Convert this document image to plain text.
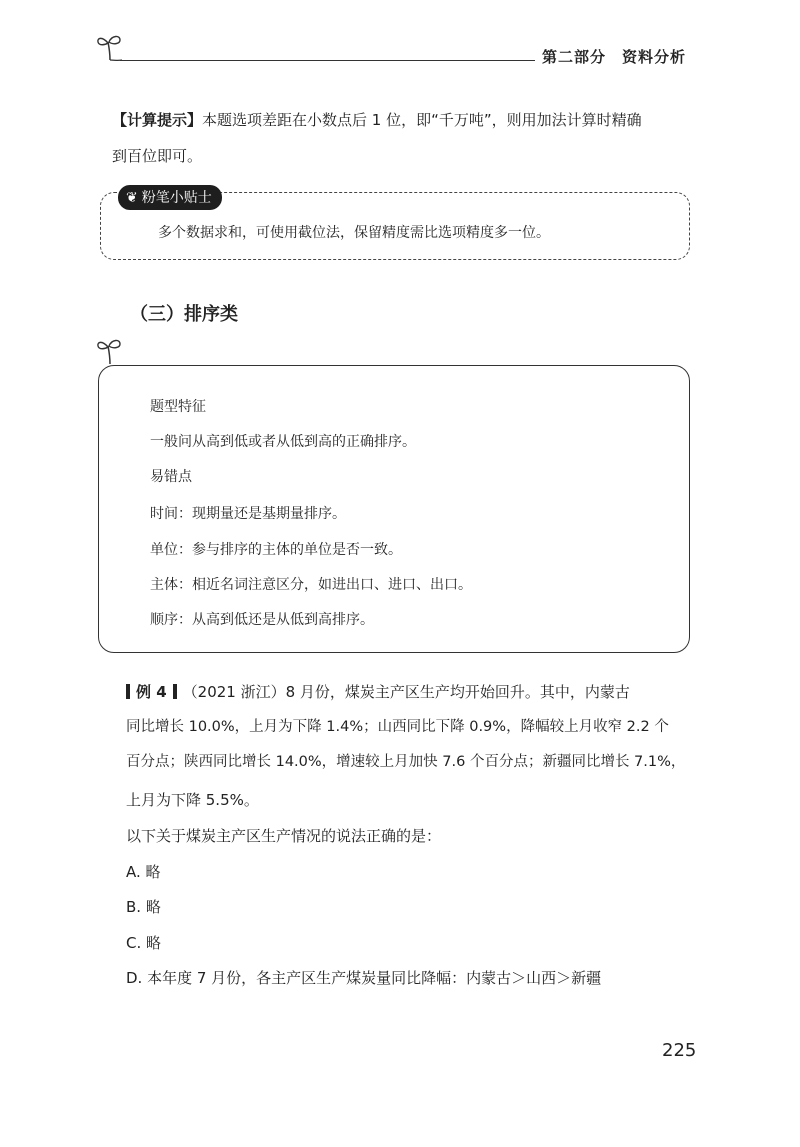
第二部分　资料分析
【计算提示】本题选项差距在小数点后 1 位，即“千万吨”，则用加法计算时精确
到百位即可。
❦ 粉笔小贴士
多个数据求和，可使用截位法，保留精度需比选项精度多一位。
（三）排序类
题型特征
一般问从高到低或者从低到高的正确排序。
易错点
时间：现期量还是基期量排序。
单位：参与排序的主体的单位是否一致。
主体：相近名词注意区分，如进出口、进口、出口。
顺序：从高到低还是从低到高排序。
例 4 （2021 浙江）8 月份，煤炭主产区生产均开始回升。其中，内蒙古
同比增长 10.0%，上月为下降 1.4%；山西同比下降 0.9%，降幅较上月收窄 2.2 个
百分点；陕西同比增长 14.0%，增速较上月加快 7.6 个百分点；新疆同比增长 7.1%，
上月为下降 5.5%。
以下关于煤炭主产区生产情况的说法正确的是：
A. 略
B. 略
C. 略
D. 本年度 7 月份，各主产区生产煤炭量同比降幅：内蒙古＞山西＞新疆
225
